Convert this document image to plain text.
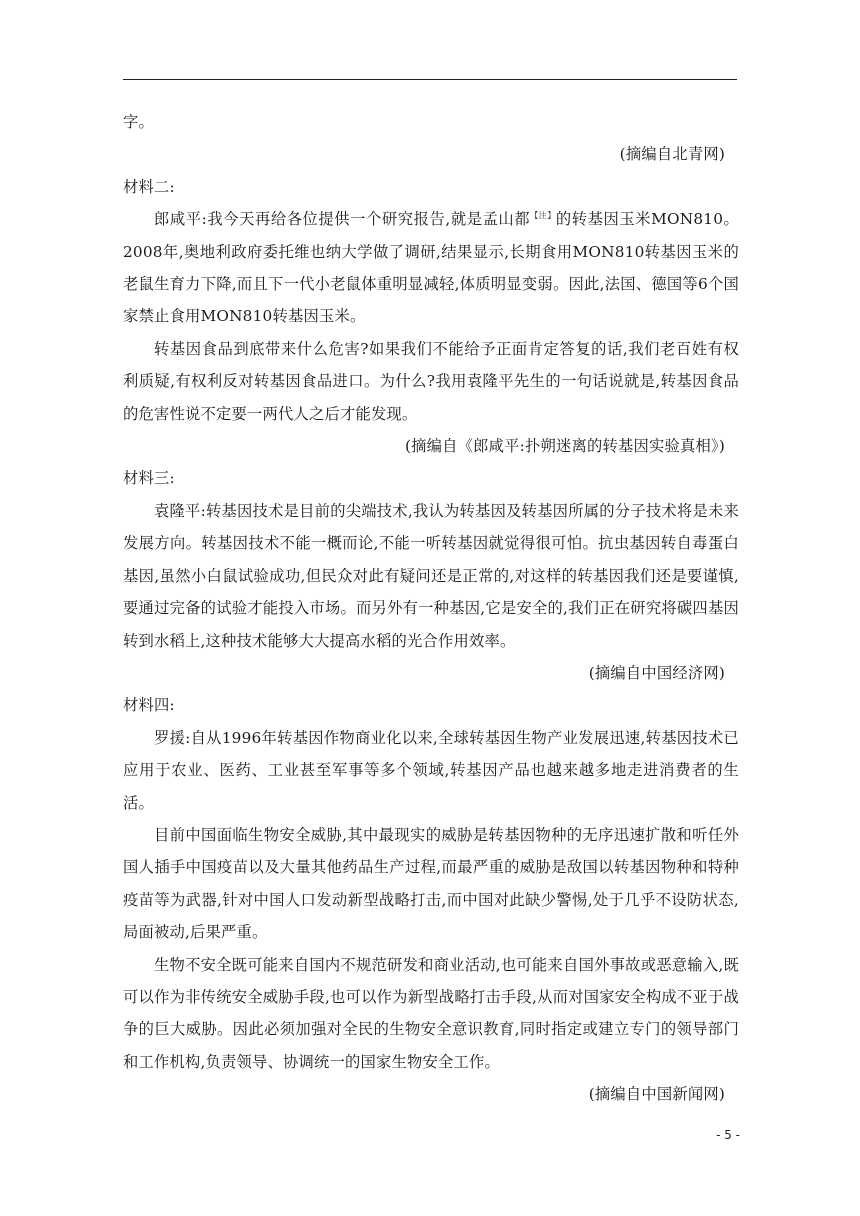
字。

(摘编自北青网)

材料二:

郎咸平:我今天再给各位提供一个研究报告,就是孟山都$^{【注】}$的转基因玉米MON810。2008年,奥地利政府委托维也纳大学做了调研,结果显示,长期食用MON810转基因玉米的老鼠生育力下降,而且下一代小老鼠体重明显减轻,体质明显变弱。因此,法国、德国等6个国家禁止食用MON810转基因玉米。

转基因食品到底带来什么危害?如果我们不能给予正面肯定答复的话,我们老百姓有权利质疑,有权利反对转基因食品进口。为什么?我用袁隆平先生的一句话说就是,转基因食品的危害性说不定要一两代人之后才能发现。

(摘编自《郎咸平:扑朔迷离的转基因实验真相》)

材料三:

袁隆平:转基因技术是目前的尖端技术,我认为转基因及转基因所属的分子技术将是未来发展方向。转基因技术不能一概而论,不能一听转基因就觉得很可怕。抗虫基因转自毒蛋白基因,虽然小白鼠试验成功,但民众对此有疑问还是正常的,对这样的转基因我们还是要谨慎,要通过完备的试验才能投入市场。而另外有一种基因,它是安全的,我们正在研究将碳四基因转到水稻上,这种技术能够大大提高水稻的光合作用效率。

(摘编自中国经济网)

材料四:

罗援:自从1996年转基因作物商业化以来,全球转基因生物产业发展迅速,转基因技术已应用于农业、医药、工业甚至军事等多个领域,转基因产品也越来越多地走进消费者的生活。

目前中国面临生物安全威胁,其中最现实的威胁是转基因物种的无序迅速扩散和听任外国人插手中国疫苗以及大量其他药品生产过程,而最严重的威胁是敌国以转基因物种和特种疫苗等为武器,针对中国人口发动新型战略打击,而中国对此缺少警惕,处于几乎不设防状态,局面被动,后果严重。

生物不安全既可能来自国内不规范研发和商业活动,也可能来自国外事故或恶意输入,既可以作为非传统安全威胁手段,也可以作为新型战略打击手段,从而对国家安全构成不亚于战争的巨大威胁。因此必须加强对全民的生物安全意识教育,同时指定或建立专门的领导部门和工作机构,负责领导、协调统一的国家生物安全工作。

(摘编自中国新闻网)

- 5 -
